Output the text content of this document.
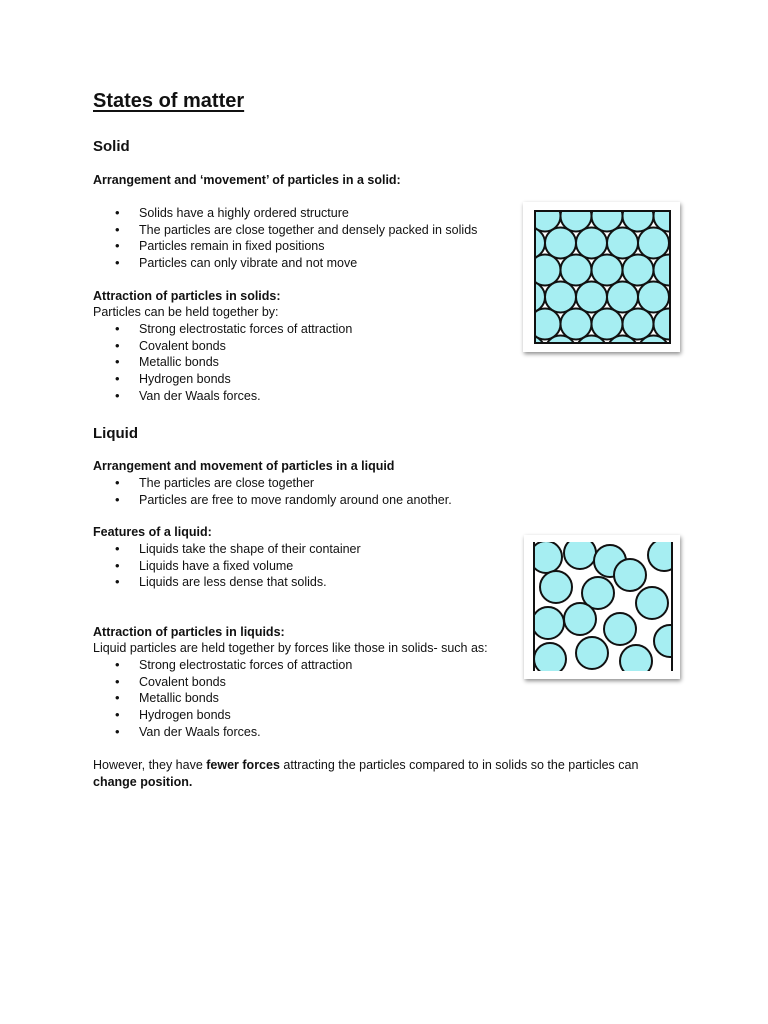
States of matter
Solid

Arrangement and ‘movement’ of particles in a solid:

• Solids have a highly ordered structure
• The particles are close together and densely packed in solids
• Particles remain in fixed positions
• Particles can only vibrate and not move

Attraction of particles in solids:

Particles can be held together by:

• Strong electrostatic forces of attraction
• Covalent bonds
• Metallic bonds
• Hydrogen bonds
• Van der Waals forces.
Liquid

Arrangement and movement of particles in a liquid

• The particles are close together
• Particles are free to move randomly around one another.

Features of a liquid:

• Liquids take the shape of their container
• Liquids have a fixed volume
• Liquids are less dense that solids.

Attraction of particles in liquids:

Liquid particles are held together by forces like those in solids- such as:

• Strong electrostatic forces of attraction
• Covalent bonds
• Metallic bonds
• Hydrogen bonds
• Van der Waals forces.

However, they have fewer forces attracting the particles compared to in solids so the particles can change position.
